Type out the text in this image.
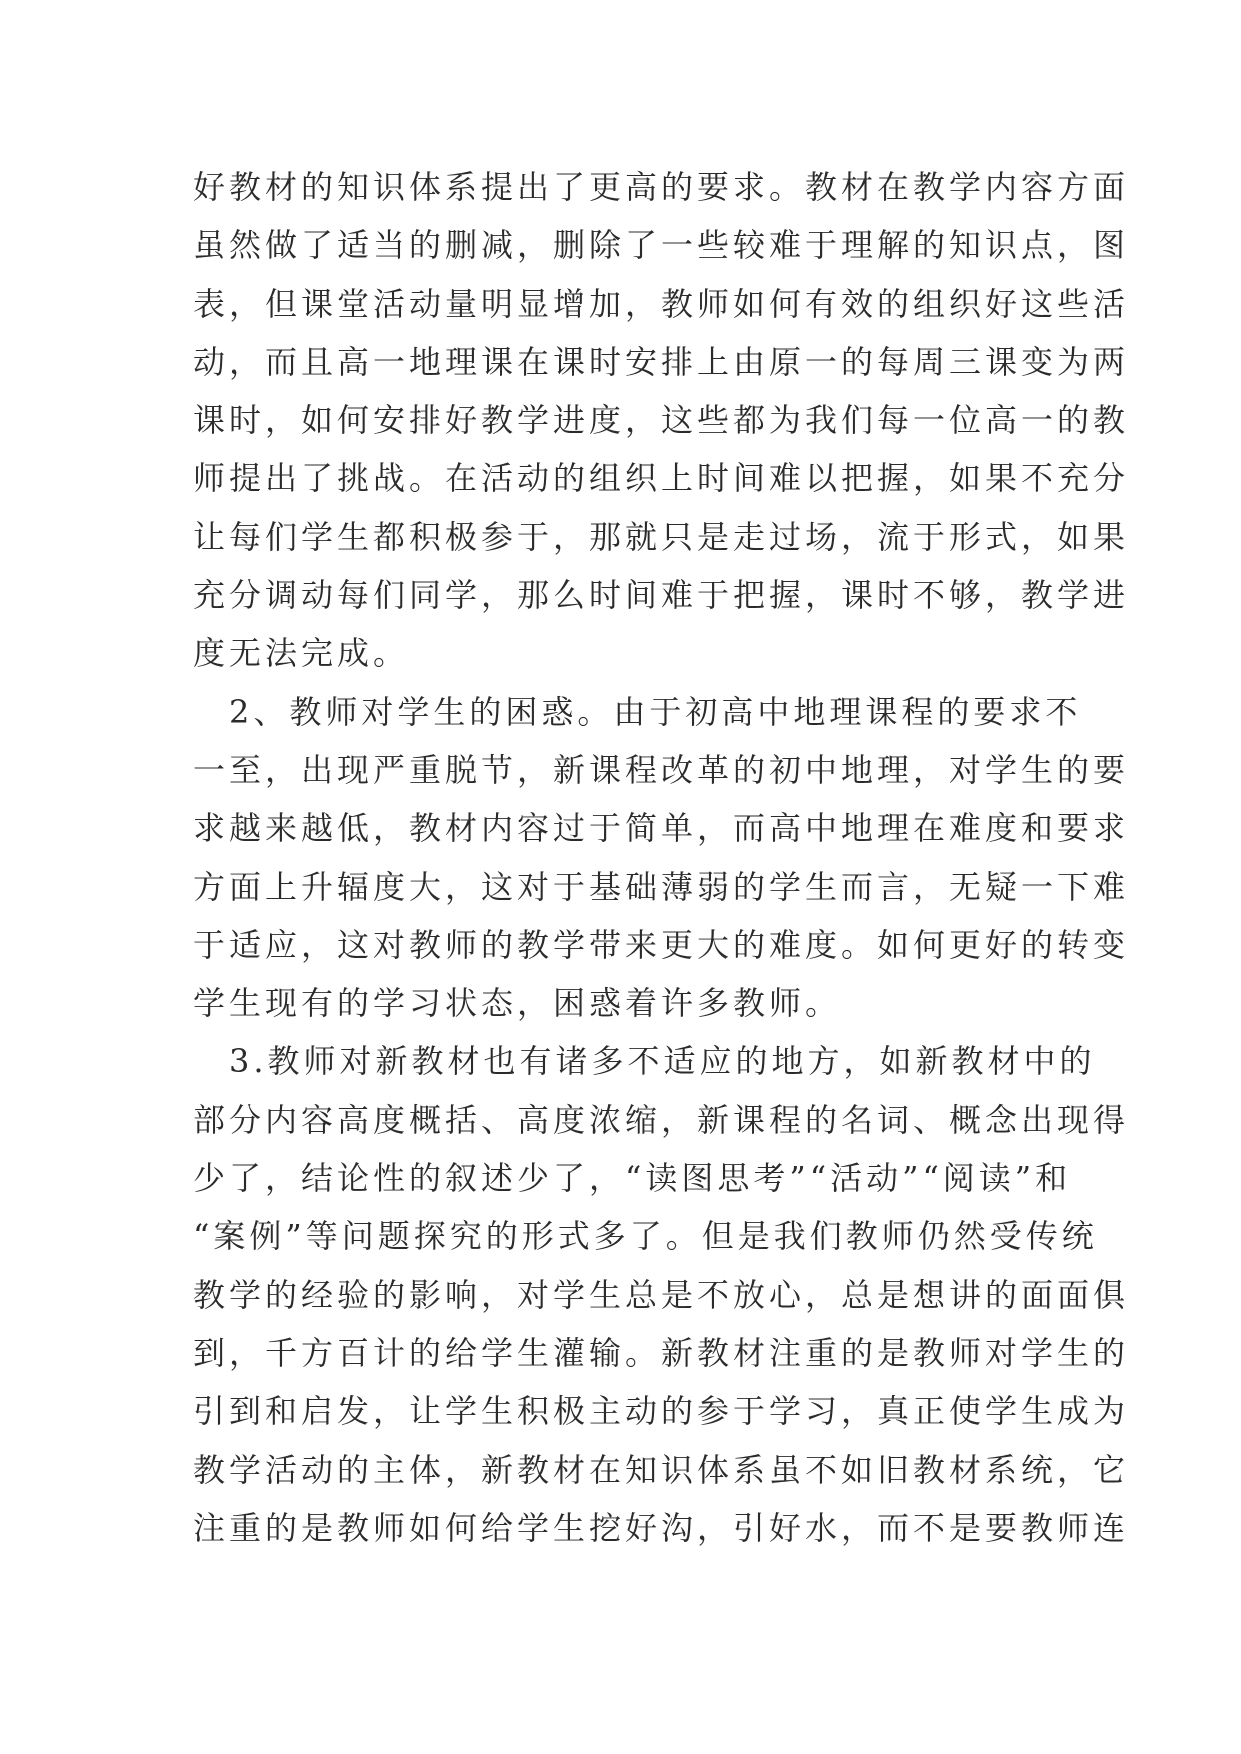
好教材的知识体系提出了更高的要求。教材在教学内容方面
虽然做了适当的删减，删除了一些较难于理解的知识点，图
表，但课堂活动量明显增加，教师如何有效的组织好这些活
动，而且高一地理课在课时安排上由原一的每周三课变为两
课时，如何安排好教学进度，这些都为我们每一位高一的教
师提出了挑战。在活动的组织上时间难以把握，如果不充分
让每们学生都积极参于，那就只是走过场，流于形式，如果
充分调动每们同学，那么时间难于把握，课时不够，教学进
度无法完成。
　2、教师对学生的困惑。由于初高中地理课程的要求不
一至，出现严重脱节，新课程改革的初中地理，对学生的要
求越来越低，教材内容过于简单，而高中地理在难度和要求
方面上升辐度大，这对于基础薄弱的学生而言，无疑一下难
于适应，这对教师的教学带来更大的难度。如何更好的转变
学生现有的学习状态，困惑着许多教师。
　3.教师对新教材也有诸多不适应的地方，如新教材中的
部分内容高度概括、高度浓缩，新课程的名词、概念出现得
少了，结论性的叙述少了，“读图思考”“活动”“阅读”和
“案例”等问题探究的形式多了。但是我们教师仍然受传统
教学的经验的影响，对学生总是不放心，总是想讲的面面俱
到，千方百计的给学生灌输。新教材注重的是教师对学生的
引到和启发，让学生积极主动的参于学习，真正使学生成为
教学活动的主体，新教材在知识体系虽不如旧教材系统，它
注重的是教师如何给学生挖好沟，引好水，而不是要教师连
